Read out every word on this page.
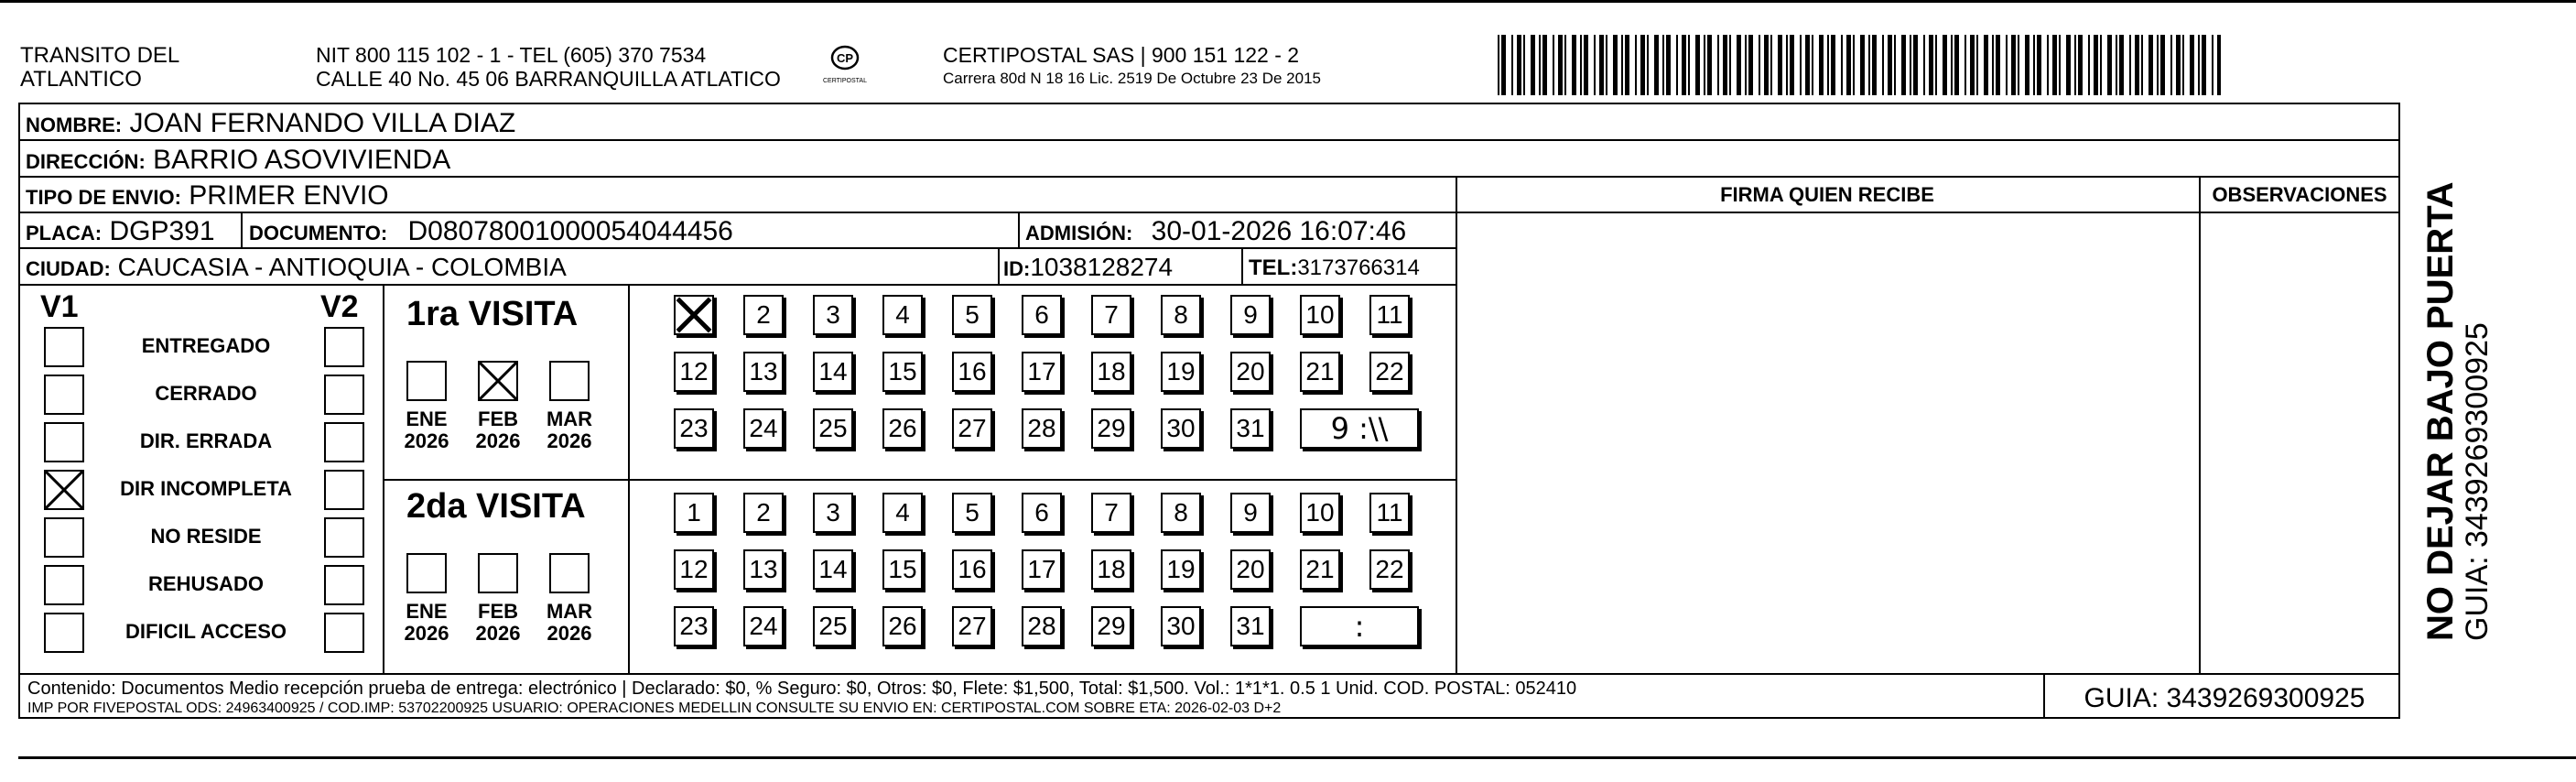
TRANSITO DEL
ATLANTICO
NIT 800 115 102 - 1 - TEL (605) 370 7534
CALLE 40 No. 45 06 BARRANQUILLA ATLATICO
CP
CERTIPOSTAL
CERTIPOSTAL SAS | 900 151 122 - 2
Carrera 80d N 18 16 Lic. 2519 De Octubre 23 De 2015
NOMBRE: JOAN FERNANDO VILLA DIAZ
DIRECCIÓN: BARRIO ASOVIVIENDA
TIPO DE ENVIO: PRIMER ENVIO	FIRMA QUIEN RECIBE	OBSERVACIONES
PLACA: DGP391 DOCUMENTO: D08078001000054044456	ADMISIÓN: 30-01-2026 16:07:46
CIUDAD: CAUCASIA - ANTIOQUIA - COLOMBIA	ID:1038128274	TEL:3173766314
V1	V2
ENTREGADO
CERRADO
DIR. ERRADA
DIR INCOMPLETA
NO RESIDE
REHUSADO
DIFICIL ACCESO
1ra VISITA
ENE
2026
FEB
2026
MAR
2026
2	3	4	5	6	7	8	9	10 11
12 13 14 15 16 17 18 19 20 21 22
23 24 25 26 27 28 29 30 31	9 :\\
2da VISITA
ENE
2026
FEB
2026
MAR
2026
1	2	3	4	5	6	7	8	9	10 11
12 13 14 15 16 17 18 19 20 21 22
23 24 25 26 27 28 29 30 31	:
Contenido: Documentos Medio recepción prueba de entrega: electrónico | Declarado: $0, % Seguro: $0, Otros: $0, Flete: $1,500, Total: $1,500. Vol.: 1*1*1. 0.5 1 Unid. COD. POSTAL: 052410
IMP POR FIVEPOSTAL ODS: 24963400925 / COD.IMP: 53702200925 USUARIO: OPERACIONES MEDELLIN CONSULTE SU ENVIO EN: CERTIPOSTAL.COM SOBRE ETA: 2026-02-03 D+2	GUIA: 3439269300925
NO DEJAR BAJO PUERTA GUIA: 3439269300925
